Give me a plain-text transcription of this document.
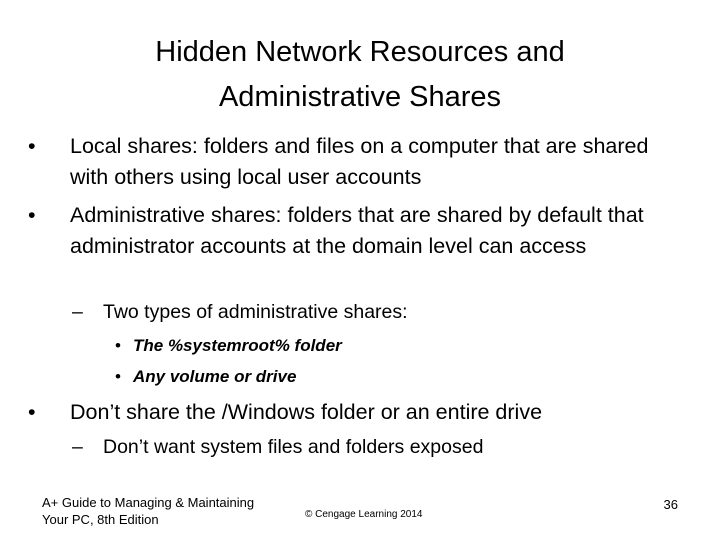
Hidden Network Resources and
Administrative Shares
• Local shares: folders and files on a computer that are shared with others using local user accounts
• Administrative shares: folders that are shared by default that administrator accounts at the domain level can access
– Two types of administrative shares:
• The %systemroot% folder
• Any volume or drive
• Don’t share the /Windows folder or an entire drive
– Don’t want system files and folders exposed
A+ Guide to Managing & Maintaining
Your PC, 8th Edition	© Cengage Learning 2014
36
